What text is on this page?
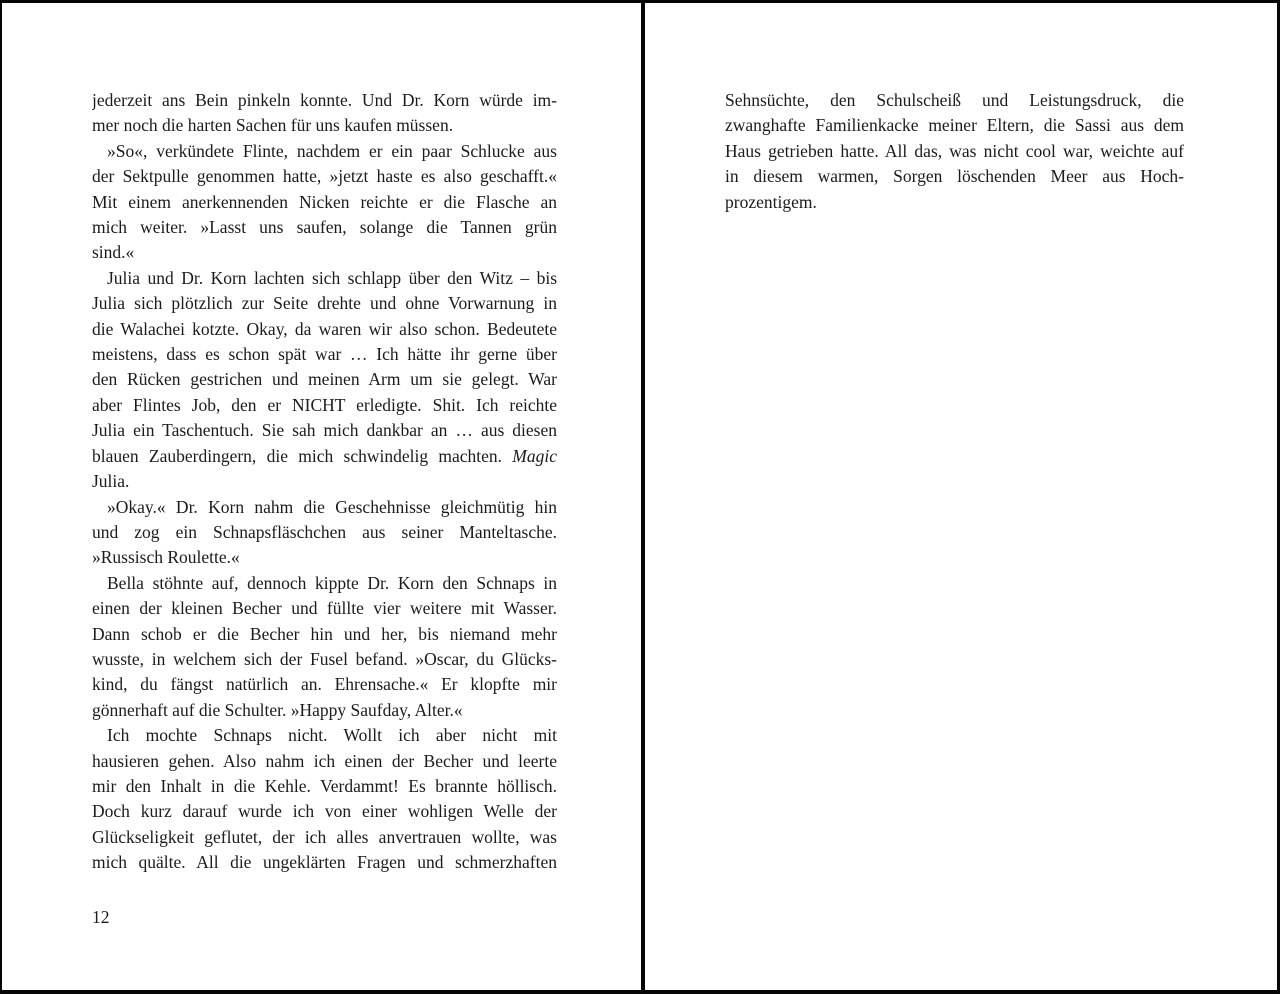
jederzeit ans Bein pinkeln konnte. Und Dr. Korn würde im-
mer noch die harten Sachen für uns kaufen müssen.
»So«, verkündete Flinte, nachdem er ein paar Schlucke aus
der Sektpulle genommen hatte, »jetzt haste es also geschafft.«
Mit einem anerkennenden Nicken reichte er die Flasche an
mich weiter. »Lasst uns saufen, solange die Tannen grün
sind.«
Julia und Dr. Korn lachten sich schlapp über den Witz – bis
Julia sich plötzlich zur Seite drehte und ohne Vorwarnung in
die Walachei kotzte. Okay, da waren wir also schon. Bedeutete
meistens, dass es schon spät war … Ich hätte ihr gerne über
den Rücken gestrichen und meinen Arm um sie gelegt. War
aber Flintes Job, den er NICHT erledigte. Shit. Ich reichte
Julia ein Taschentuch. Sie sah mich dankbar an … aus diesen
blauen Zauberdingern, die mich schwindelig machten. Magic
Julia.
»Okay.« Dr. Korn nahm die Geschehnisse gleichmütig hin
und zog ein Schnapsfläschchen aus seiner Manteltasche.
»Russisch Roulette.«
Bella stöhnte auf, dennoch kippte Dr. Korn den Schnaps in
einen der kleinen Becher und füllte vier weitere mit Wasser.
Dann schob er die Becher hin und her, bis niemand mehr
wusste, in welchem sich der Fusel befand. »Oscar, du Glücks-
kind, du fängst natürlich an. Ehrensache.« Er klopfte mir
gönnerhaft auf die Schulter. »Happy Saufday, Alter.«
Ich mochte Schnaps nicht. Wollt ich aber nicht mit
hausieren gehen. Also nahm ich einen der Becher und leerte
mir den Inhalt in die Kehle. Verdammt! Es brannte höllisch.
Doch kurz darauf wurde ich von einer wohligen Welle der
Glückseligkeit geflutet, der ich alles anvertrauen wollte, was
mich quälte. All die ungeklärten Fragen und schmerzhaften
12
Sehnsüchte, den Schulscheiß und Leistungsdruck, die
zwanghafte Familienkacke meiner Eltern, die Sassi aus dem
Haus getrieben hatte. All das, was nicht cool war, weichte auf
in diesem warmen, Sorgen löschenden Meer aus Hoch-
prozentigem.
